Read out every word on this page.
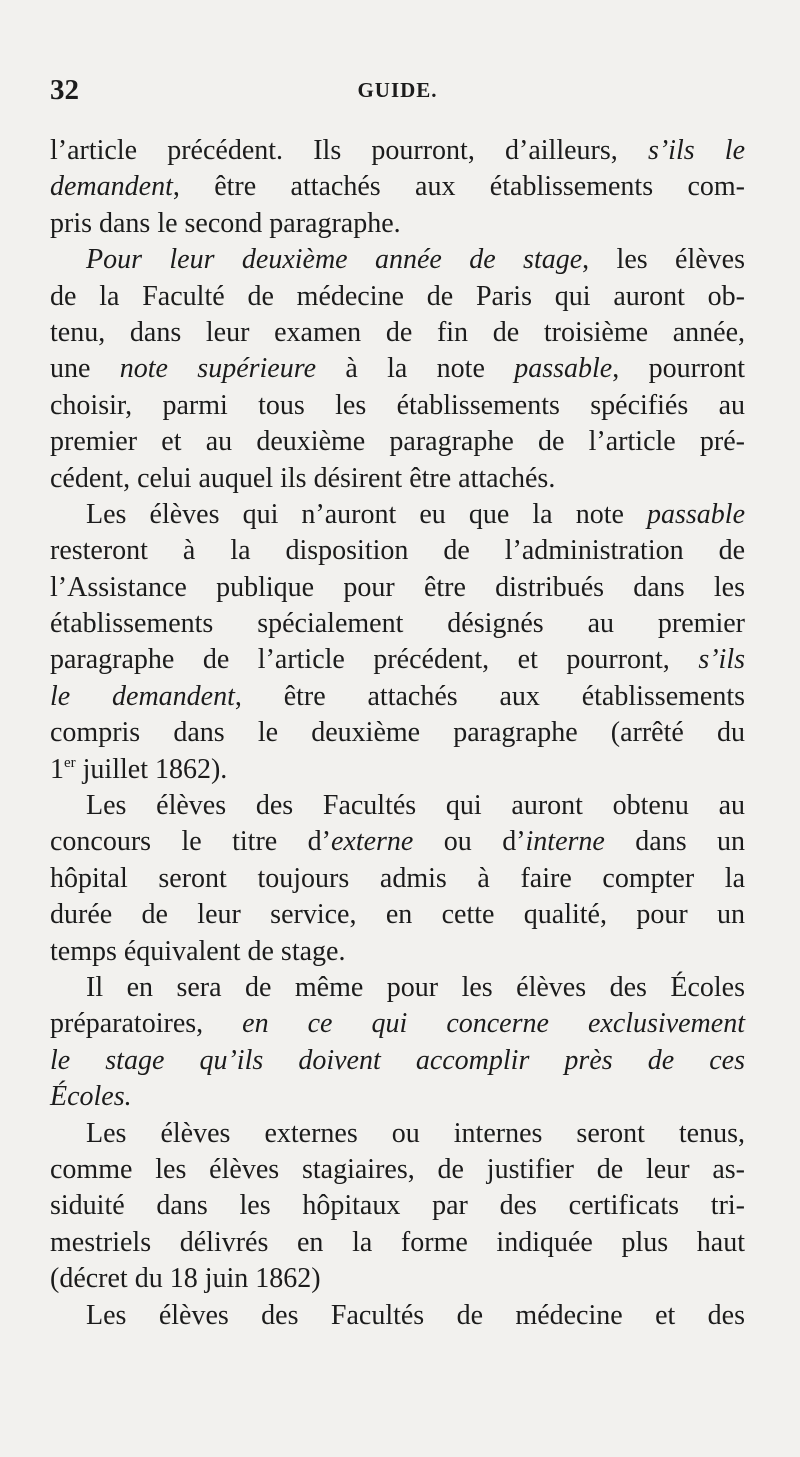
32	GUIDE.
l’article précédent. Ils pourront, d’ailleurs, s’ils le
demandent, être attachés aux établissements com-
pris dans le second paragraphe.
Pour leur deuxième année de stage, les élèves
de la Faculté de médecine de Paris qui auront ob-
tenu, dans leur examen de fin de troisième année,
une note supérieure à la note passable, pourront
choisir, parmi tous les établissements spécifiés au
premier et au deuxième paragraphe de l’article pré-
cédent, celui auquel ils désirent être attachés.
Les élèves qui n’auront eu que la note passable
resteront à la disposition de l’administration de
l’Assistance publique pour être distribués dans les
établissements spécialement désignés au premier
paragraphe de l’article précédent, et pourront, s’ils
le demandent, être attachés aux établissements
compris dans le deuxième paragraphe (arrêté du
1er juillet 1862).
Les élèves des Facultés qui auront obtenu au
concours le titre d’externe ou d’interne dans un
hôpital seront toujours admis à faire compter la
durée de leur service, en cette qualité, pour un
temps équivalent de stage.
Il en sera de même pour les élèves des Écoles
préparatoires, en ce qui concerne exclusivement
le stage qu’ils doivent accomplir près de ces
Écoles.
Les élèves externes ou internes seront tenus,
comme les élèves stagiaires, de justifier de leur as-
siduité dans les hôpitaux par des certificats tri-
mestriels délivrés en la forme indiquée plus haut
(décret du 18 juin 1862)
Les élèves des Facultés de médecine et des
